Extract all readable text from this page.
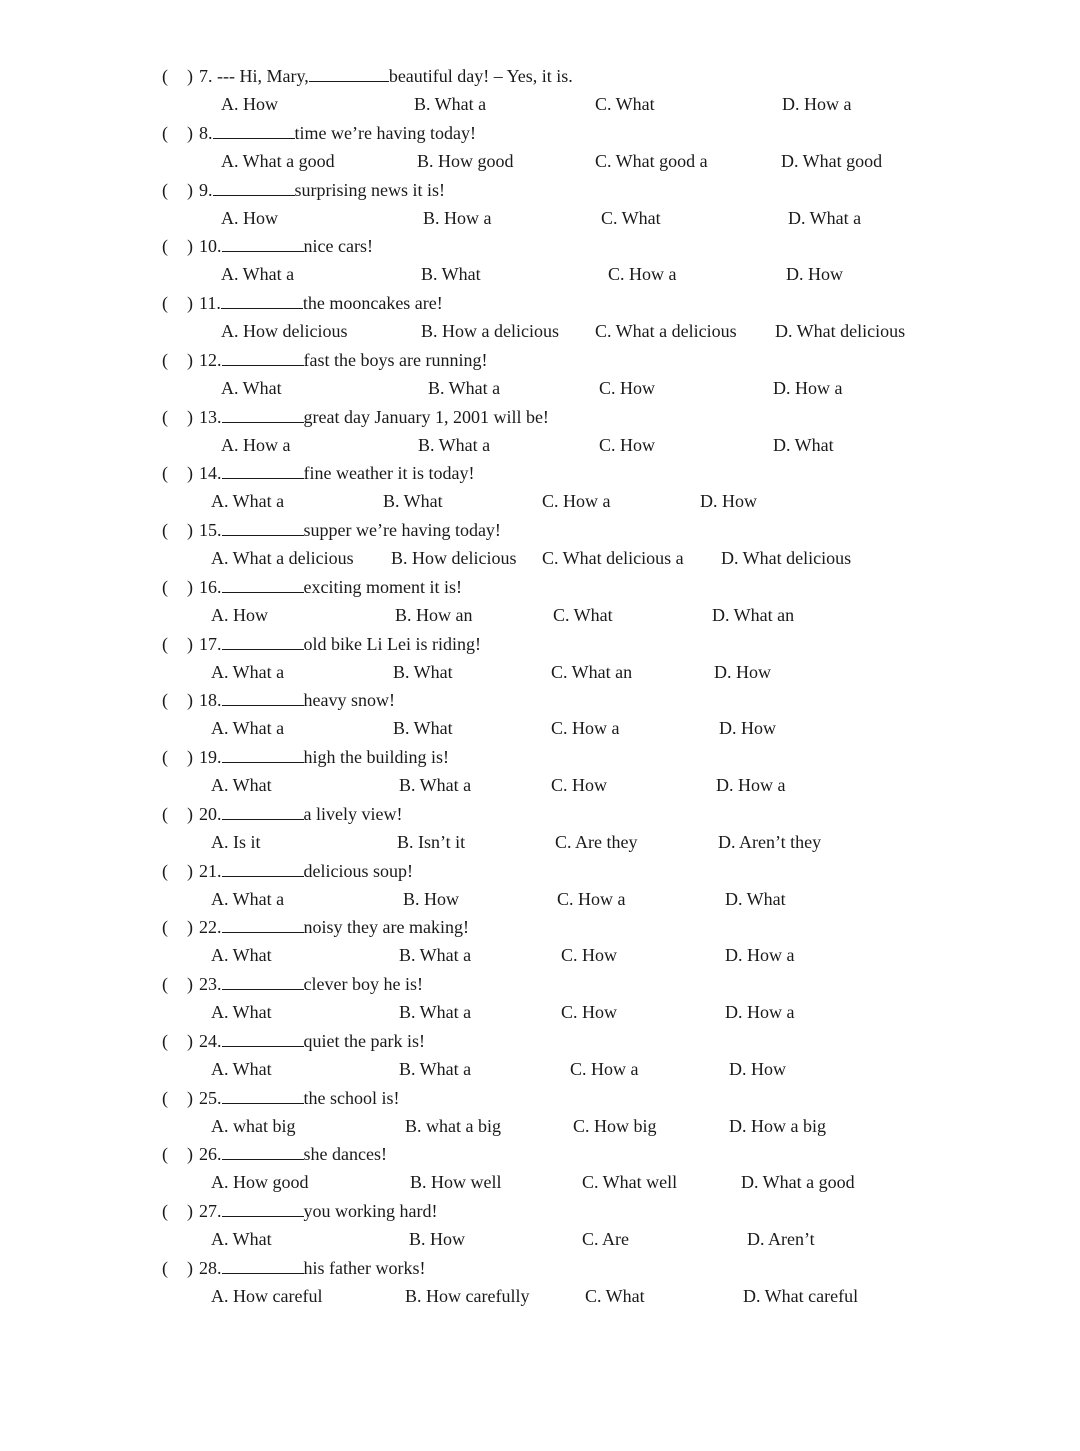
( ) 7. --- Hi, Mary,	beautiful day! – Yes, it is.
A. How	B. What a	C. What	D. How a
( ) 8.	time we’re having today!
A. What a good	B. How good	C. What good a	D. What good
( ) 9.	surprising news it is!
A. How	B. How a	C. What	D. What a
( ) 10.	nice cars!
A. What a	B. What	C. How a	D. How
( ) 11.	the mooncakes are!
A. How delicious	B. How a delicious C. What a delicious D. What delicious
( ) 12.	fast the boys are running!
A. What	B. What a	C. How	D. How a
( ) 13.	great day January 1, 2001 will be!
A. How a	B. What a	C. How	D. What
( ) 14.	fine weather it is today!
A. What a	B. What	C. How a	D. How
( ) 15.	supper we’re having today!
A. What a delicious B. How delicious C. What delicious a D. What delicious
( ) 16.	exciting moment it is!
A. How	B. How an	C. What	D. What an
( ) 17.	old bike Li Lei is riding!
A. What a	B. What	C. What an	D. How
( ) 18.	heavy snow!
A. What a	B. What	C. How a	D. How
( ) 19.	high the building is!
A. What	B. What a	C. How	D. How a
( ) 20.	a lively view!
A. Is it	B. Isn’t it	C. Are they	D. Aren’t they
( ) 21.	delicious soup!
A. What a	B. How	C. How a	D. What
( ) 22.	noisy they are making!
A. What	B. What a	C. How	D. How a
( ) 23.	clever boy he is!
A. What	B. What a	C. How	D. How a
( ) 24.	quiet the park is!
A. What	B. What a	C. How a	D. How
( ) 25.	the school is!
A. what big	B. what a big	C. How big	D. How a big
( ) 26.	she dances!
A. How good	B. How well	C. What well	D. What a good
( ) 27.	you working hard!
A. What	B. How	C. Are	D. Aren’t
( ) 28.	his father works!
A. How careful	B. How carefully	C. What	D. What careful
